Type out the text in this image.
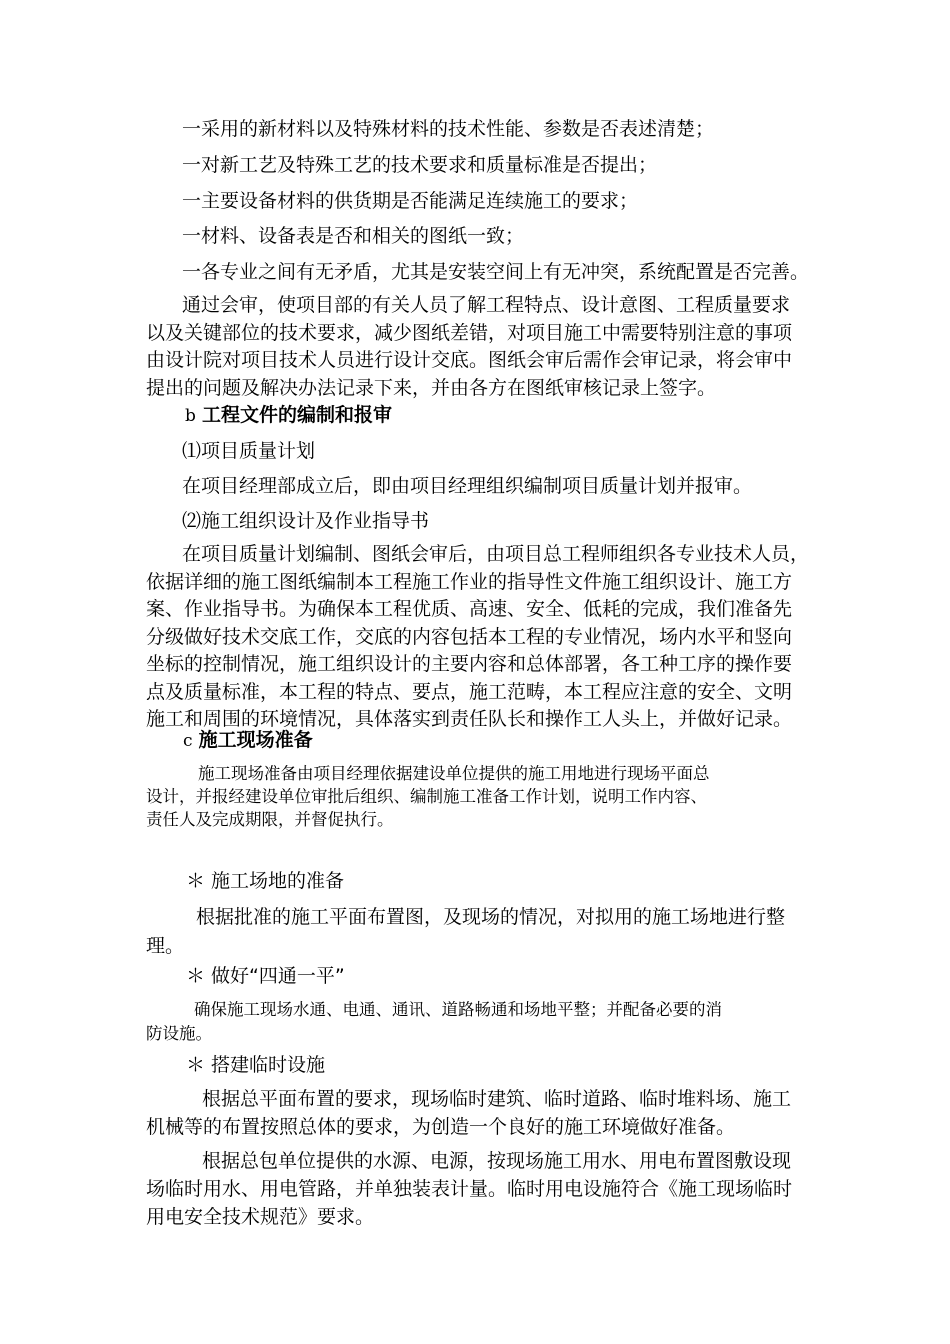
一采用的新材料以及特殊材料的技术性能、参数是否表述清楚；

一对新工艺及特殊工艺的技术要求和质量标准是否提出；

一主要设备材料的供货期是否能满足连续施工的要求；

一材料、设备表是否和相关的图纸一致；

一各专业之间有无矛盾，尤其是安装空间上有无冲突，系统配置是否完善。

通过会审，使项目部的有关人员了解工程特点、设计意图、工程质量要求
以及关键部位的技术要求，减少图纸差错，对项目施工中需要特别注意的事项
由设计院对项目技术人员进行设计交底。图纸会审后需作会审记录，将会审中
提出的问题及解决办法记录下来，并由各方在图纸审核记录上签字。

b 工程文件的编制和报审

⑴项目质量计划

在项目经理部成立后，即由项目经理组织编制项目质量计划并报审。

⑵施工组织设计及作业指导书

在项目质量计划编制、图纸会审后，由项目总工程师组织各专业技术人员，
依据详细的施工图纸编制本工程施工作业的指导性文件施工组织设计、施工方
案、作业指导书。为确保本工程优质、高速、安全、低耗的完成，我们准备先
分级做好技术交底工作，交底的内容包括本工程的专业情况，场内水平和竖向
坐标的控制情况，施工组织设计的主要内容和总体部署，各工种工序的操作要
点及质量标准，本工程的特点、要点，施工范畴，本工程应注意的安全、文明
施工和周围的环境情况，具体落实到责任队长和操作工人头上，并做好记录。

c 施工现场准备

施工现场准备由项目经理依据建设单位提供的施工用地进行现场平面总
设计，并报经建设单位审批后组织、编制施工准备工作计划，说明工作内容、
责任人及完成期限，并督促执行。

＊ 施工场地的准备

根据批准的施工平面布置图，及现场的情况，对拟用的施工场地进行整
理。

＊ 做好“四通一平”

确保施工现场水通、电通、通讯、道路畅通和场地平整；并配备必要的消
防设施。

＊ 搭建临时设施

根据总平面布置的要求，现场临时建筑、临时道路、临时堆料场、施工
机械等的布置按照总体的要求，为创造一个良好的施工环境做好准备。
根据总包单位提供的水源、电源，按现场施工用水、用电布置图敷设现
场临时用水、用电管路，并单独装表计量。临时用电设施符合《施工现场临时
用电安全技术规范》要求。
